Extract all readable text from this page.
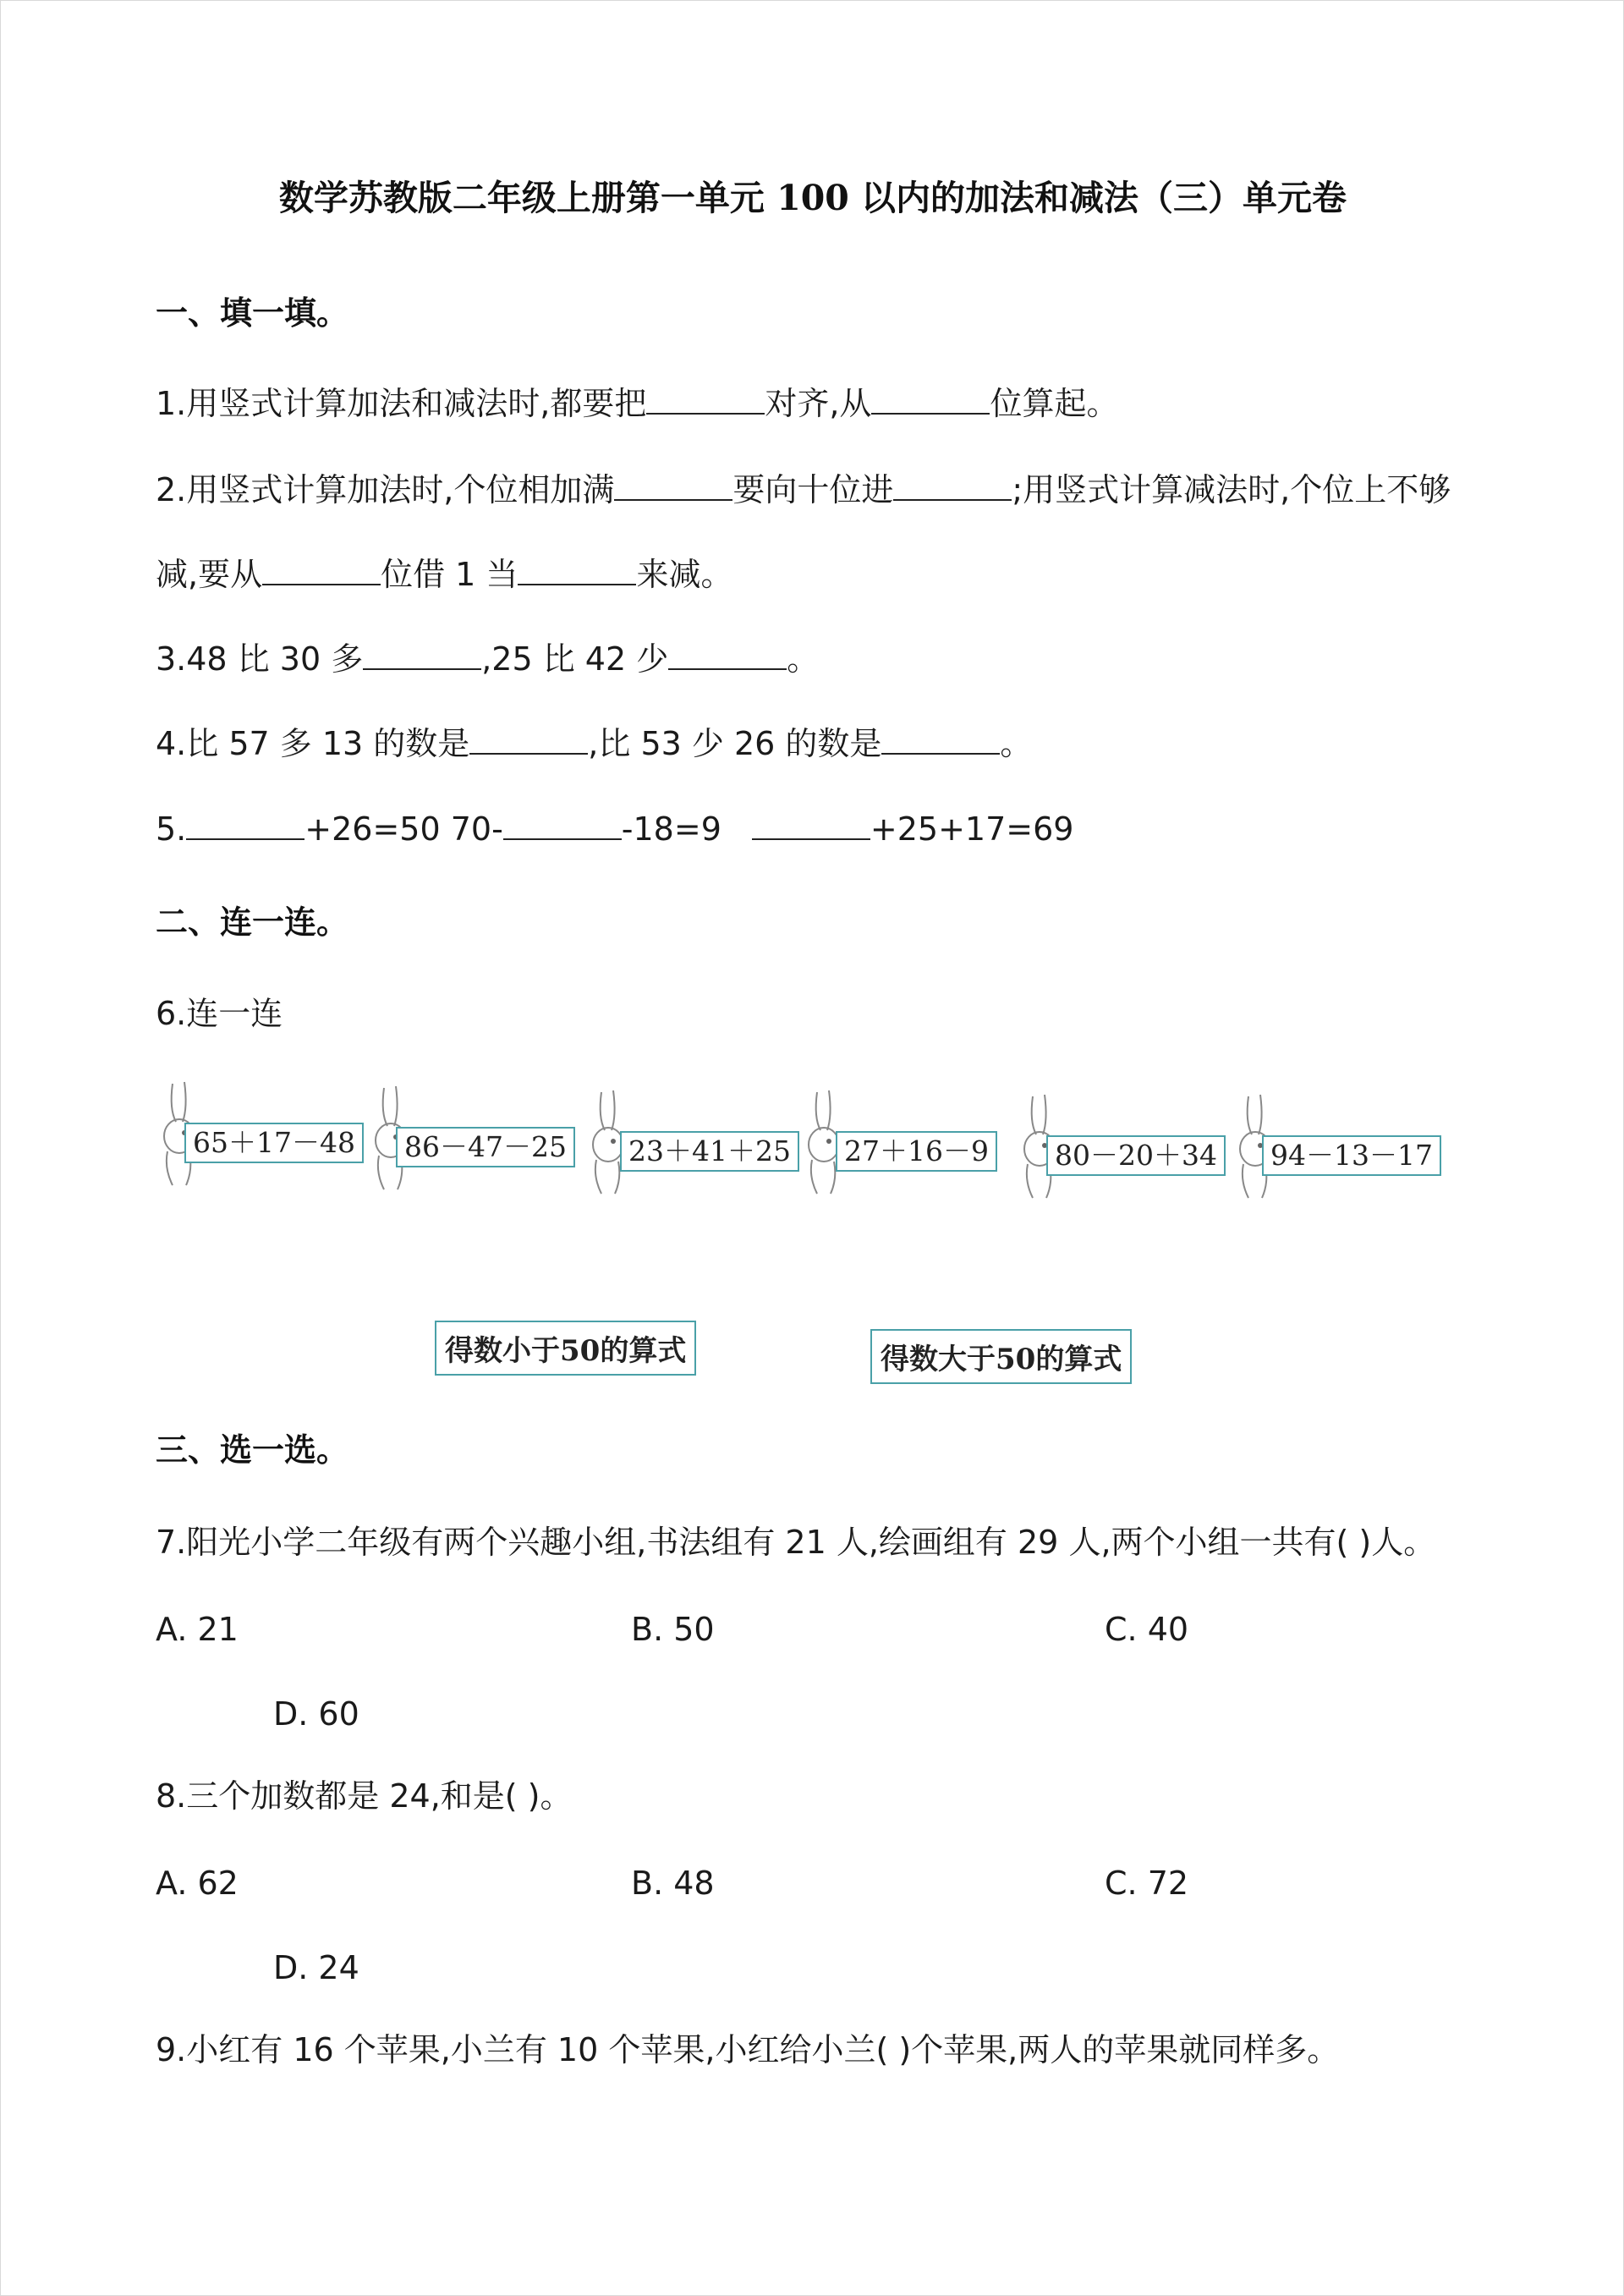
数学苏教版二年级上册第一单元 100 以内的加法和减法（三）单元卷
一、填一填。
1.用竖式计算加法和减法时,都要把	对齐,从	位算起。
2.用竖式计算加法时,个位相加满	要向十位进	;用竖式计算减法时,个位上不够
减,要从	位借 1 当	来减。
3.48 比 30 多	,25 比 42 少	。
4.比 57 多 13 的数是	,比 53 少 26 的数是	。
5.	+26=50 70-	-18=9	+25+17=69
二、连一连。
6.连一连
65＋17－48	86－47－25	23＋41＋25	27＋16－9	80－20＋34	94－13－17
得数小于50的算式	得数大于50的算式
三、选一选。
7.阳光小学二年级有两个兴趣小组,书法组有 21 人,绘画组有 29 人,两个小组一共有( )人。
A. 21	B. 50	C. 40
D. 60
8.三个加数都是 24,和是( )。
A. 62	B. 48	C. 72
D. 24
9.小红有 16 个苹果,小兰有 10 个苹果,小红给小兰( )个苹果,两人的苹果就同样多。
